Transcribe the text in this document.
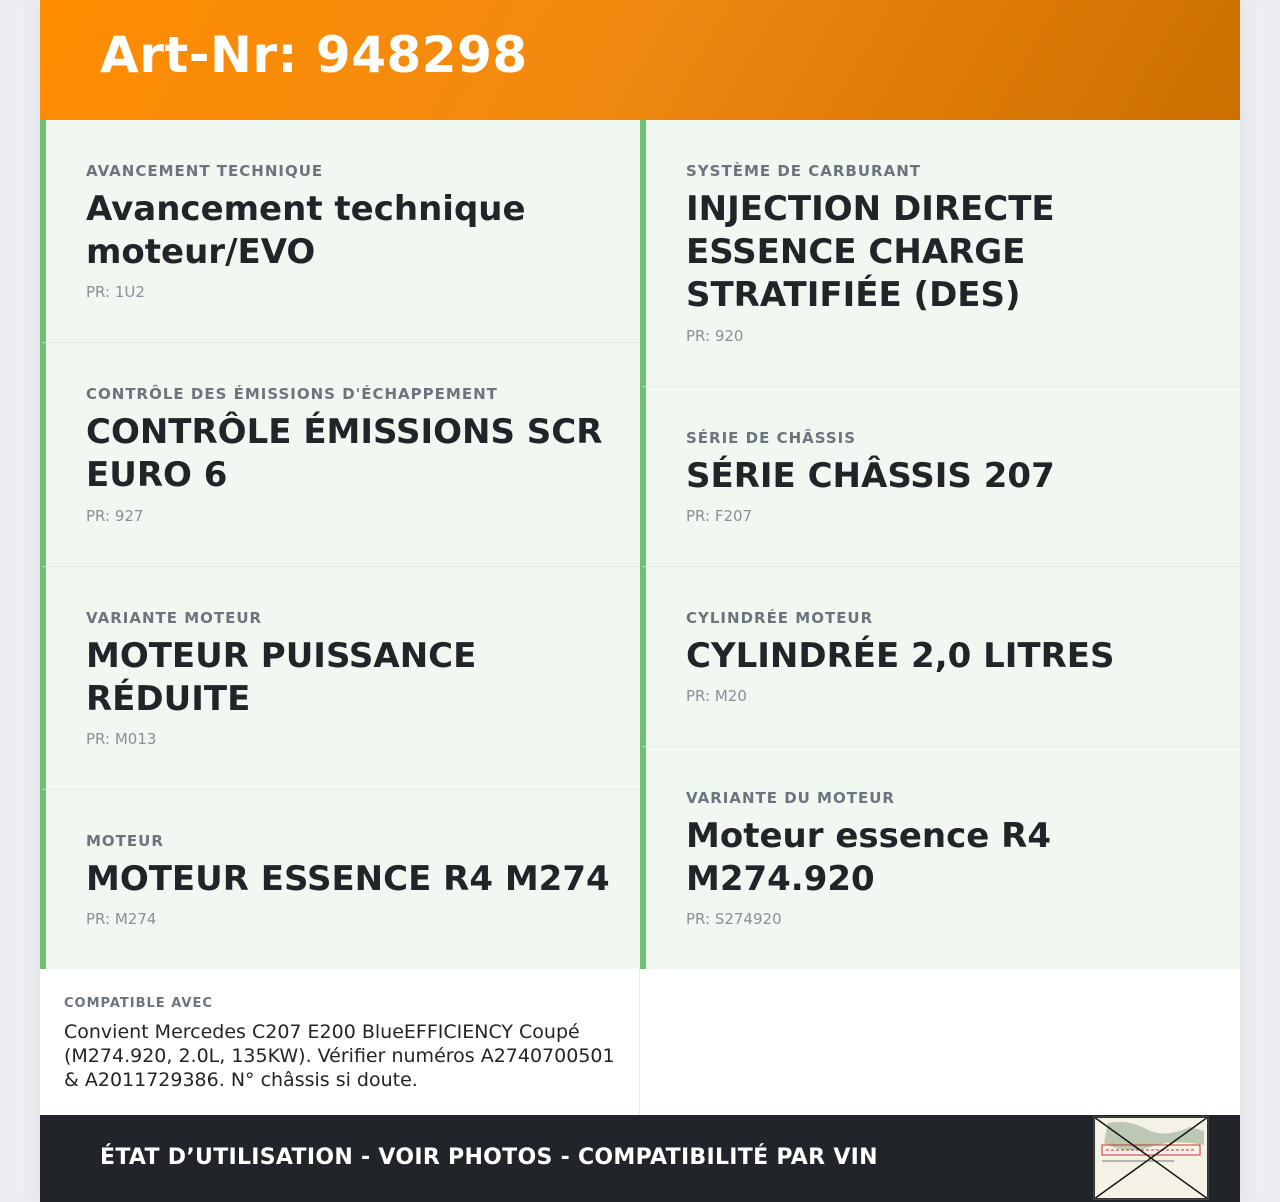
Art-Nr: 948298
AVANCEMENT TECHNIQUE
Avancement technique moteur/EVO
PR: 1U2
CONTRÔLE DES ÉMISSIONS D'ÉCHAPPEMENT
CONTRÔLE ÉMISSIONS SCR EURO 6
PR: 927
VARIANTE MOTEUR
MOTEUR PUISSANCE RÉDUITE
PR: M013
MOTEUR
MOTEUR ESSENCE R4 M274
PR: M274
SYSTÈME DE CARBURANT
INJECTION DIRECTE ESSENCE CHARGE STRATIFIÉE (DES)
PR: 920
SÉRIE DE CHÂSSIS
SÉRIE CHÂSSIS 207
PR: F207
CYLINDRÉE MOTEUR
CYLINDRÉE 2,0 LITRES
PR: M20
VARIANTE DU MOTEUR
Moteur essence R4 M274.920
PR: S274920
COMPATIBLE AVEC
Convient Mercedes C207 E200 BlueEFFICIENCY Coupé (M274.920, 2.0L, 135KW). Vérifier numéros A2740700501 & A2011729386. N° châssis si doute.
ÉTAT D’UTILISATION - VOIR PHOTOS - COMPATIBILITÉ PAR VIN
